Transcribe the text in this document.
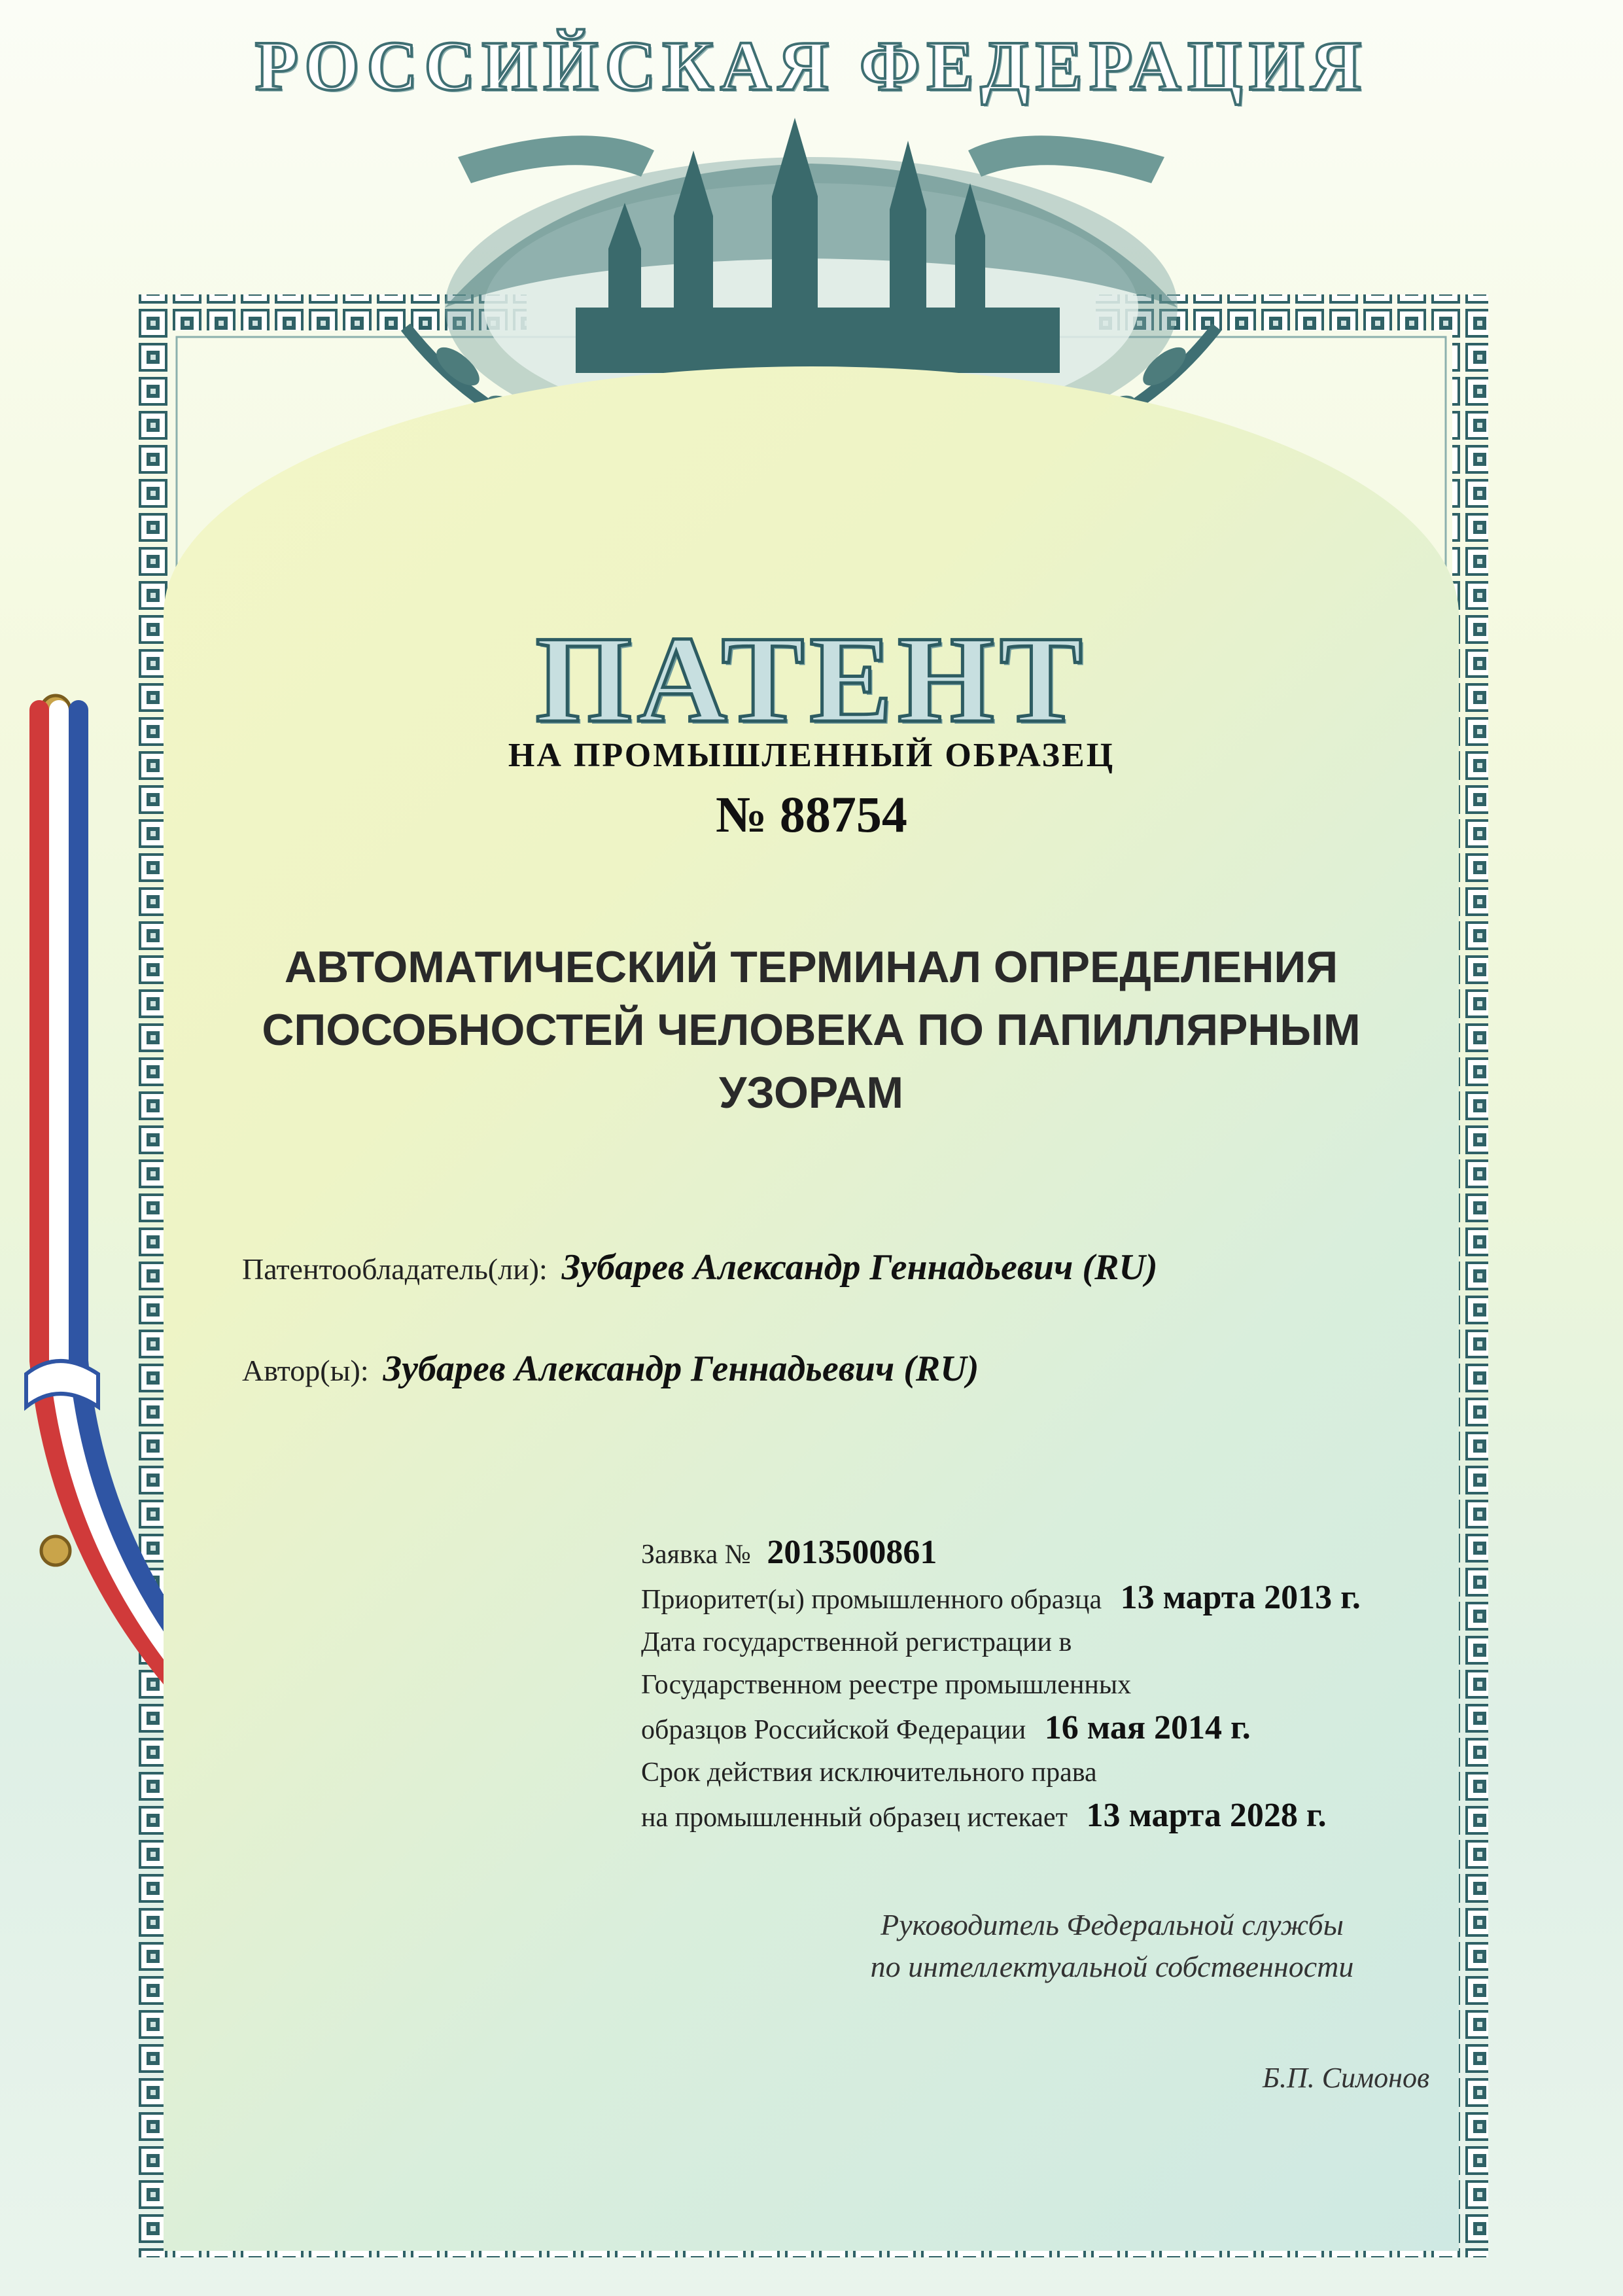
РОССИЙСКАЯ ФЕДЕРАЦИЯ
ПАТЕНТ
НА ПРОМЫШЛЕННЫЙ ОБРАЗЕЦ
№ 88754
АВТОМАТИЧЕСКИЙ ТЕРМИНАЛ ОПРЕДЕЛЕНИЯ
СПОСОБНОСТЕЙ ЧЕЛОВЕКА ПО ПАПИЛЛЯРНЫМ
УЗОРАМ
Патентообладатель(ли): Зубарев Александр Геннадьевич (RU)
Автор(ы): Зубарев Александр Геннадьевич (RU)
Заявка № 2013500861
Приоритет(ы) промышленного образца 13 марта 2013 г.
Дата государственной регистрации в
Государственном реестре промышленных
образцов Российской Федерации 16 мая 2014 г.
Срок действия исключительного права
на промышленный образец истекает 13 марта 2028 г.
Руководитель Федеральной службы
по интеллектуальной собственности
Б.П. Симонов
